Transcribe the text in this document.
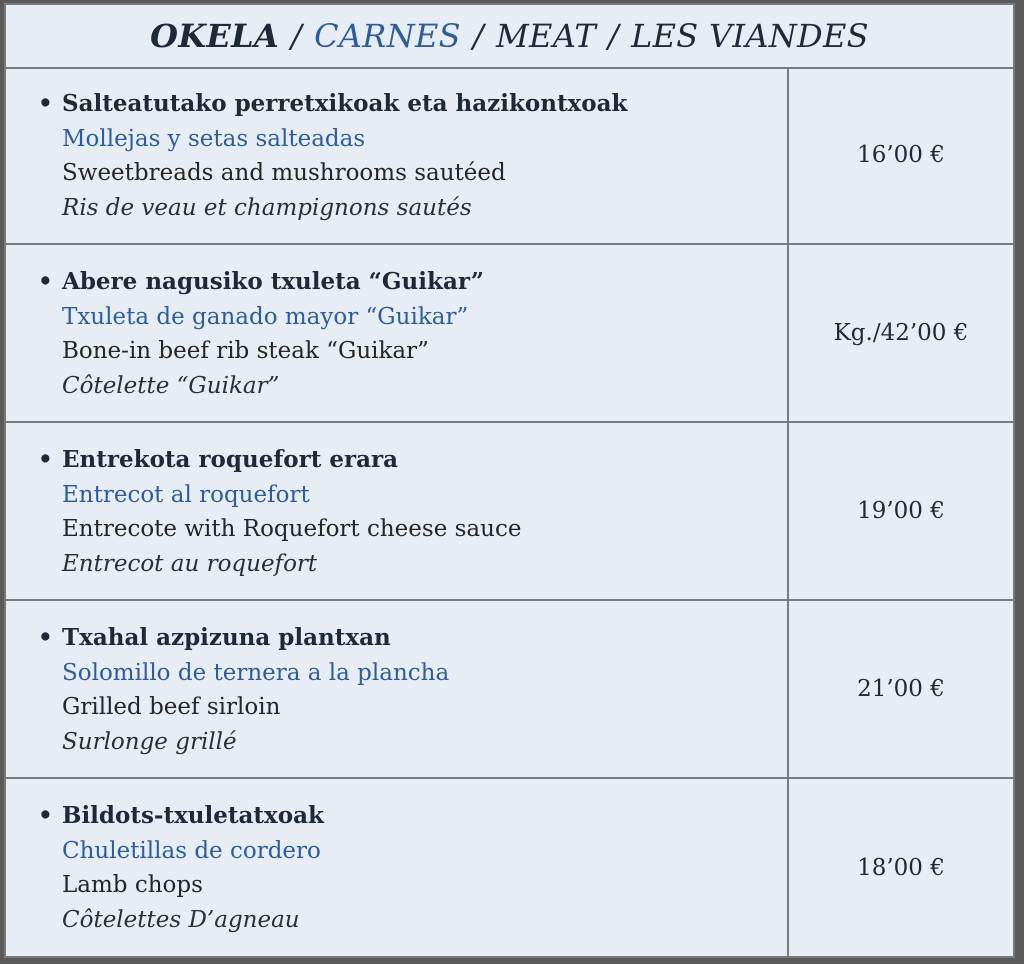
OKELA / CARNES / MEAT / LES VIANDES
• Salteatutako perretxikoak eta hazikontxoak
Mollejas y setas salteadas
Sweetbreads and mushrooms sautéed
Ris de veau et champignons sautés
16’00 €
• Abere nagusiko txuleta “Guikar”
Txuleta de ganado mayor “Guikar”
Bone-in beef rib steak “Guikar”
Côtelette “Guikar”
Kg./42’00 €
• Entrekota roquefort erara
Entrecot al roquefort
Entrecote with Roquefort cheese sauce
Entrecot au roquefort
19’00 €
• Txahal azpizuna plantxan
Solomillo de ternera a la plancha
Grilled beef sirloin
Surlonge grillé
21’00 €
• Bildots-txuletatxoak
Chuletillas de cordero
Lamb chops
Côtelettes D’agneau
18’00 €
